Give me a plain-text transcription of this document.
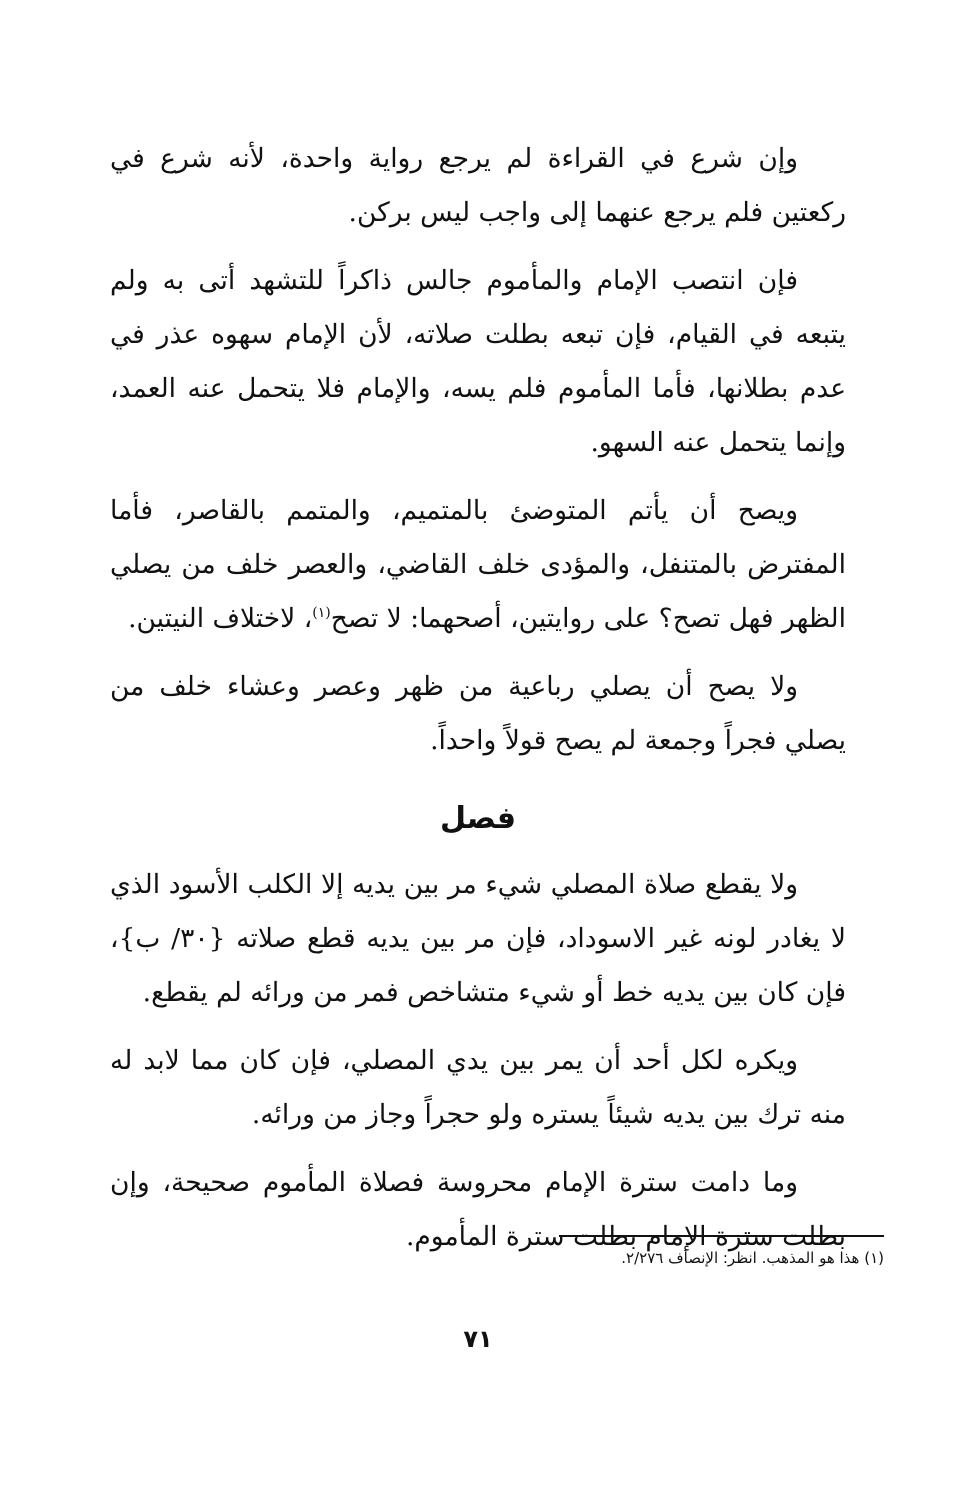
وإن شرع في القراءة لم يرجع رواية واحدة، لأنه شرع في ركعتين فلم يرجع عنهما إلى واجب ليس بركن.

فإن انتصب الإمام والمأموم جالس ذاكراً للتشهد أتى به ولم يتبعه في القيام، فإن تبعه بطلت صلاته، لأن الإمام سهوه عذر في عدم بطلانها، فأما المأموم فلم يسه، والإمام فلا يتحمل عنه العمد، وإنما يتحمل عنه السهو.

ويصح أن يأتم المتوضئ بالمتميم، والمتمم بالقاصر، فأما المفترض بالمتنفل، والمؤدى خلف القاضي، والعصر خلف من يصلي الظهر فهل تصح؟ على روايتين، أصحهما: لا تصح$^{(١)}$، لاختلاف النيتين.

ولا يصح أن يصلي رباعية من ظهر وعصر وعشاء خلف من يصلي فجراً وجمعة لم يصح قولاً واحداً.

فصل

ولا يقطع صلاة المصلي شيء مر بين يديه إلا الكلب الأسود الذي لا يغادر لونه غير الاسوداد، فإن مر بين يديه قطع صلاته {٣٠/ ب}، فإن كان بين يديه خط أو شيء متشاخص فمر من ورائه لم يقطع.

ويكره لكل أحد أن يمر بين يدي المصلي، فإن كان مما لابد له منه ترك بين يديه شيئاً يستره ولو حجراً وجاز من ورائه.

وما دامت سترة الإمام محروسة فصلاة المأموم صحيحة، وإن بطلت سترة الإمام بطلت سترة المأموم.

(١) هذا هو المذهب. انظر: الإنصاف ٢/٢٧٦.
٧١
